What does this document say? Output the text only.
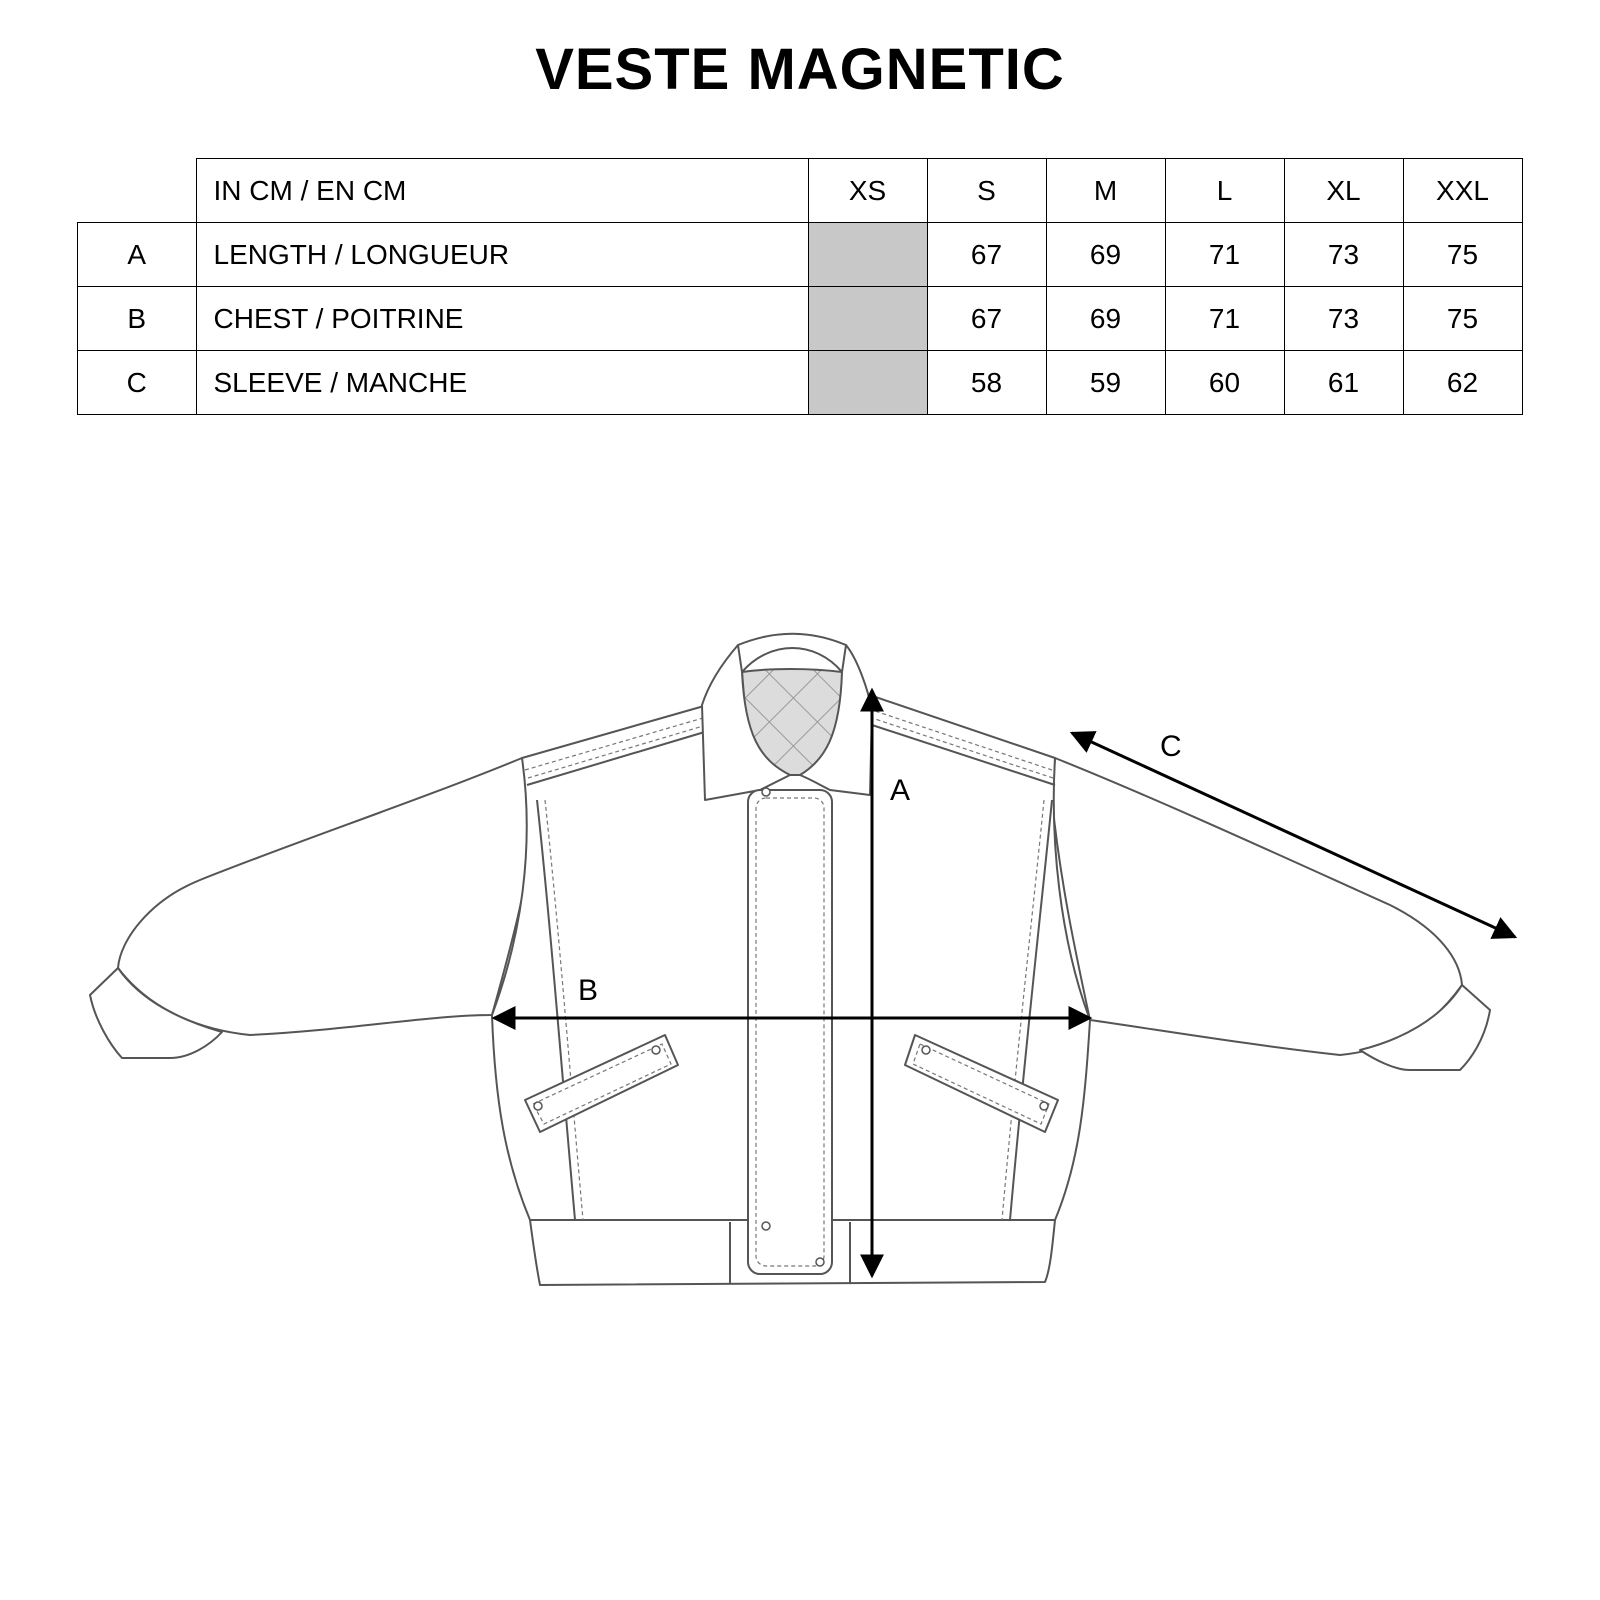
VESTE MAGNETIC
	IN CM / EN CM	XS	S	M	L	XL	XXL
A	LENGTH / LONGUEUR		67	69	71	73	75
B	CHEST / POITRINE		67	69	71	73	75
C	SLEEVE / MANCHE		58	59	60	61	62
A
B
C
